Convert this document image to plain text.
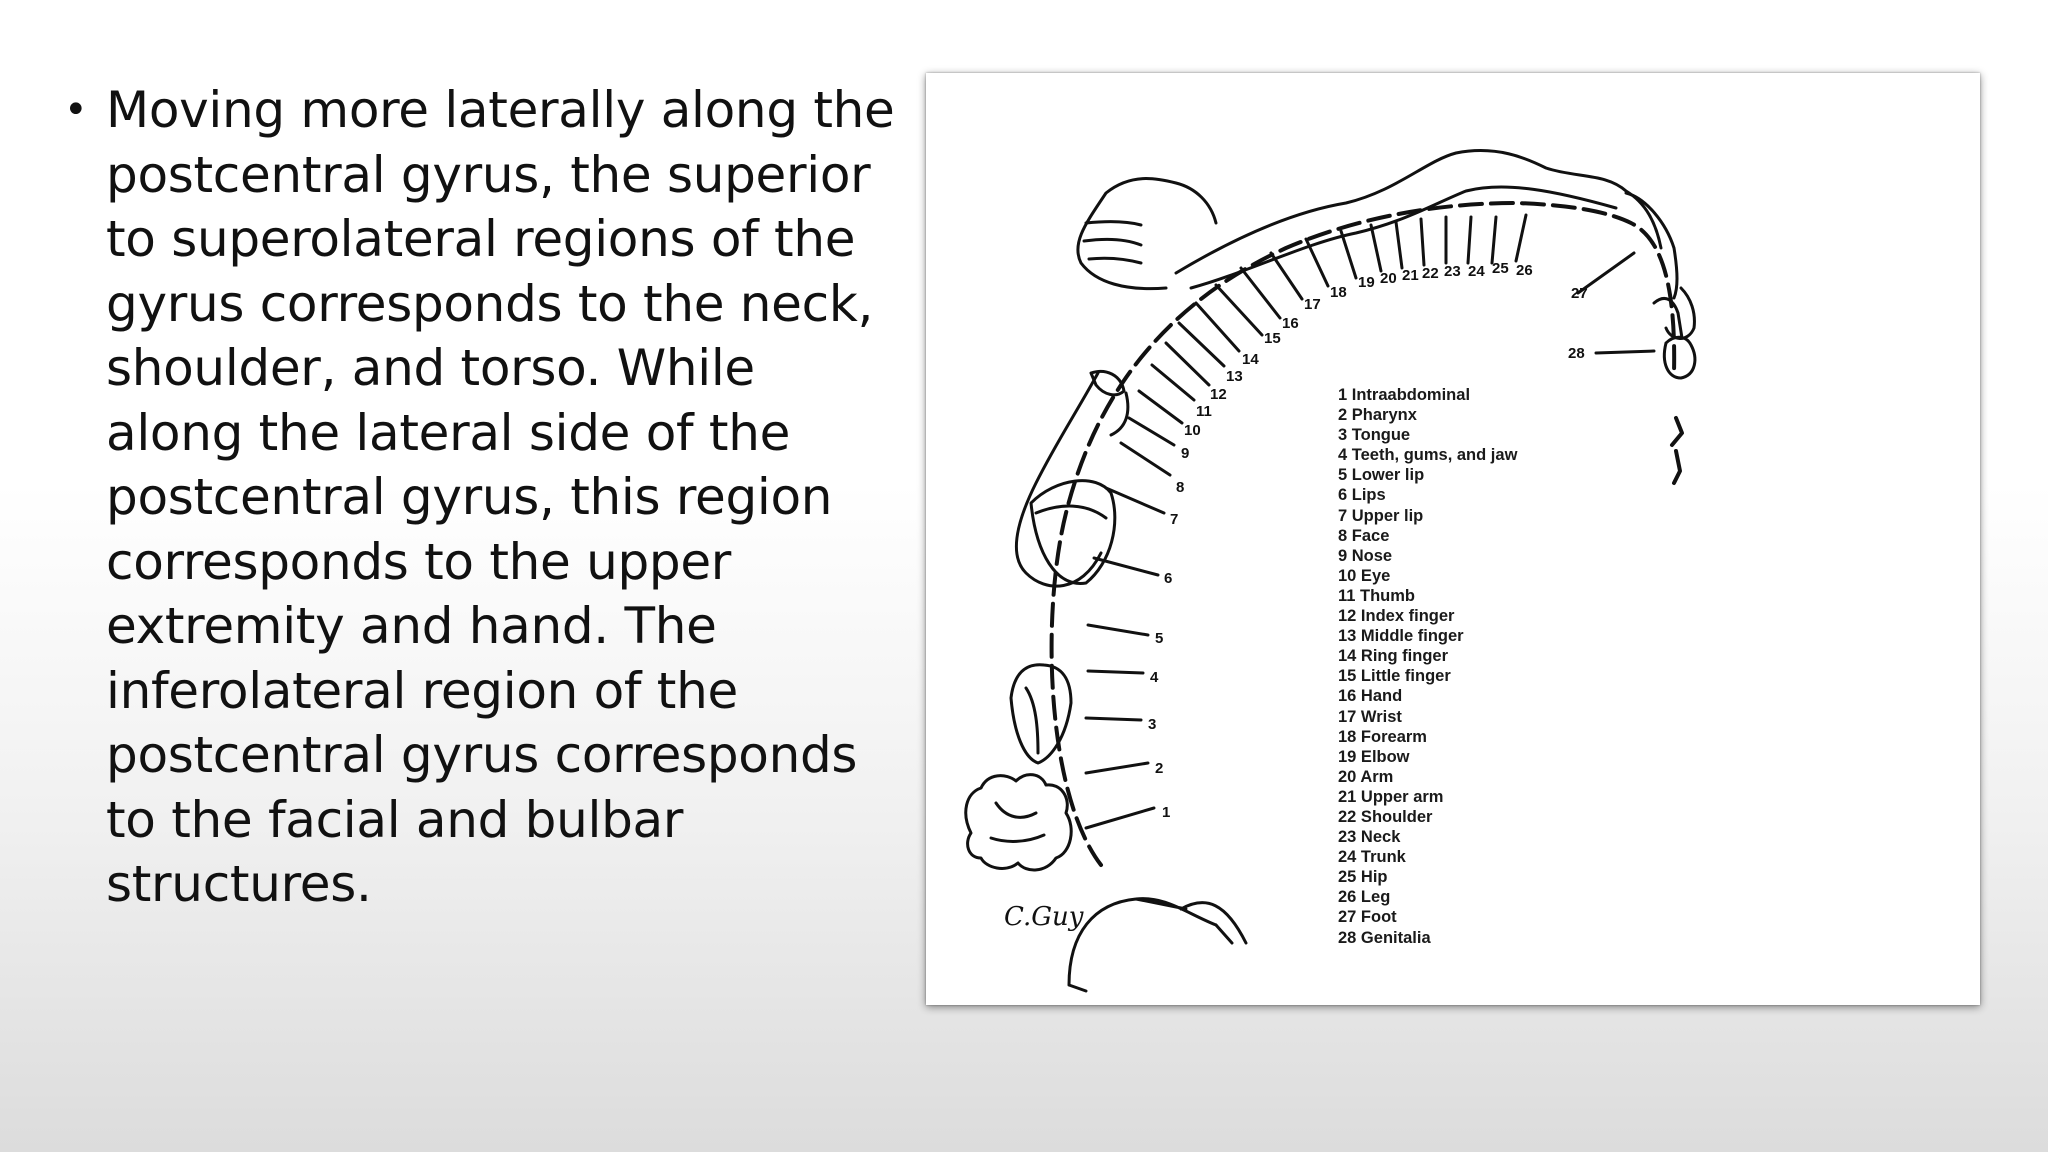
• Moving more laterally along the postcentral gyrus, the superior to superolateral regions of the gyrus corresponds to the neck, shoulder, and torso. While along the lateral side of the postcentral gyrus, this region corresponds to the upper extremity and hand. The inferolateral region of the postcentral gyrus corresponds to the facial and bulbar structures.
1
2
3
4
5
6
7
8
9
10
11
12
13
14
15
16
17
18
19 20 21 22 23 24 25 26
27
28
C.Guy
1 Intraabdominal
2 Pharynx
3 Tongue
4 Teeth, gums, and jaw
5 Lower lip
6 Lips
7 Upper lip
8 Face
9 Nose
10 Eye
11 Thumb
12 Index finger
13 Middle finger
14 Ring finger
15 Little finger
16 Hand
17 Wrist
18 Forearm
19 Elbow
20 Arm
21 Upper arm
22 Shoulder
23 Neck
24 Trunk
25 Hip
26 Leg
27 Foot
28 Genitalia
